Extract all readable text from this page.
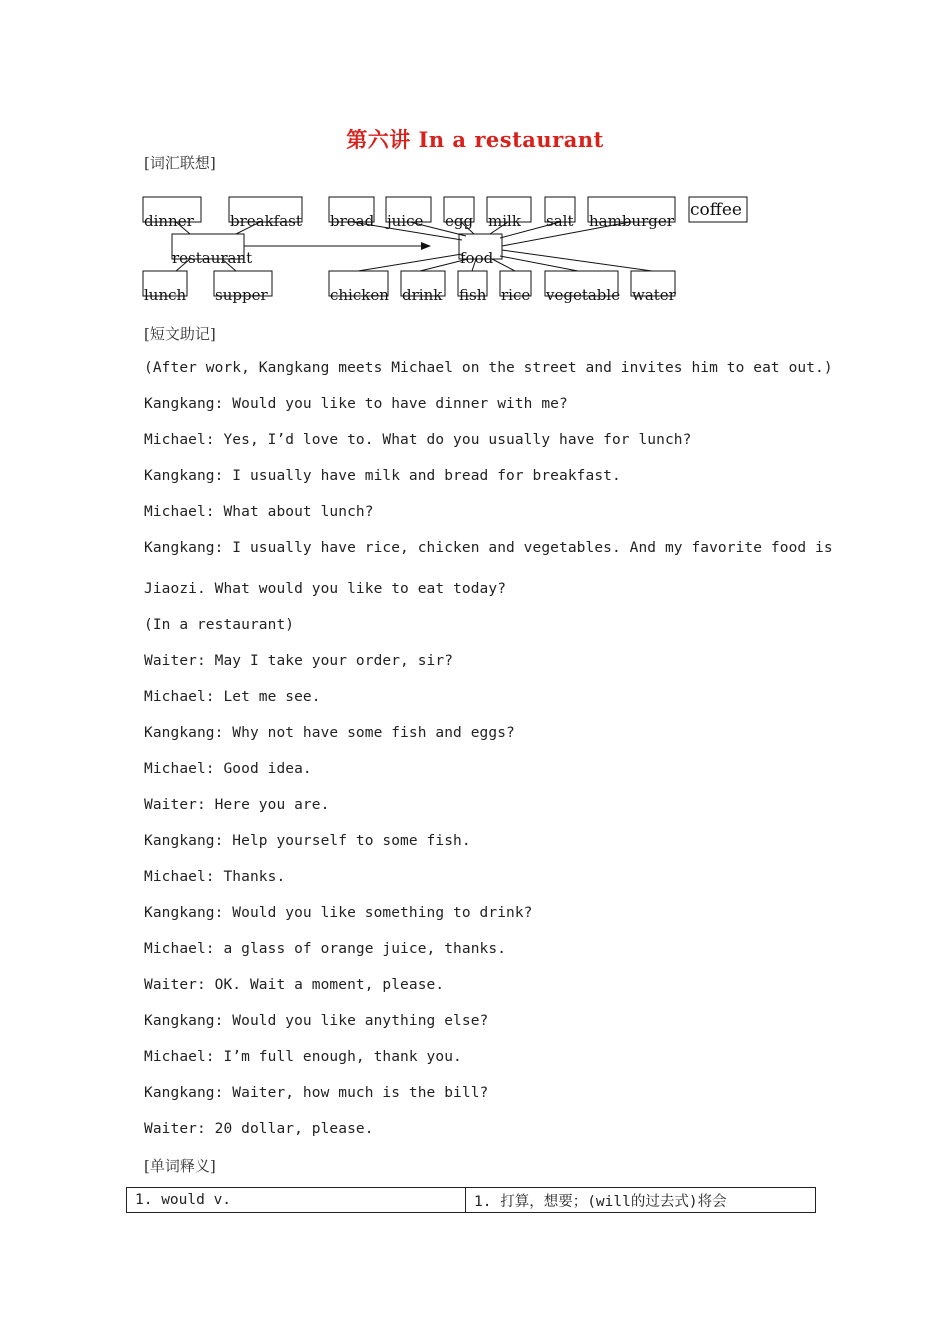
第六讲 In a restaurant
[词汇联想]
dinner breakfast bread juice egg milk salt hamburger
coffee
restaurant	food
lunch supper	chicken drink fish rice vegetable water
[短文助记]
(After work, Kangkang meets Michael on the street and invites him to eat out.)
Kangkang: Would you like to have dinner with me?
Michael: Yes, I’d love to. What do you usually have for lunch?
Kangkang: I usually have milk and bread for breakfast.
Michael: What about lunch?
Kangkang: I usually have rice, chicken and vegetables. And my favorite food is
Jiaozi. What would you like to eat today?
(In a restaurant)
Waiter: May I take your order, sir?
Michael: Let me see.
Kangkang: Why not have some fish and eggs?
Michael: Good idea.
Waiter: Here you are.
Kangkang: Help yourself to some fish.
Michael: Thanks.
Kangkang: Would you like something to drink?
Michael: a glass of orange juice, thanks.
Waiter: OK. Wait a moment, please.
Kangkang: Would you like anything else?
Michael: I’m full enough, thank you.
Kangkang: Waiter, how much is the bill?
Waiter: 20 dollar, please.
[单词释义]
1. would v.	1. 打算，想要；(will的过去式)将会
